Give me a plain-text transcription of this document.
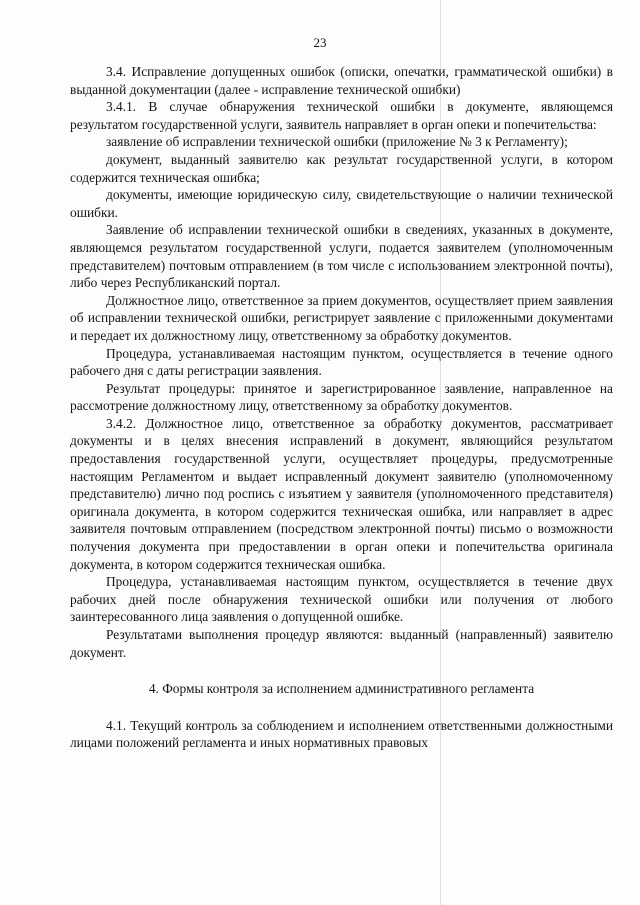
23

3.4. Исправление допущенных ошибок (описки, опечатки, грамматической ошибки) в выданной документации (далее - исправление технической ошибки)

3.4.1. В случае обнаружения технической ошибки в документе, являющемся результатом государственной услуги, заявитель направляет в орган опеки и попечительства:

заявление об исправлении технической ошибки (приложение № 3 к Регламенту);

документ, выданный заявителю как результат государственной услуги, в котором содержится техническая ошибка;

документы, имеющие юридическую силу, свидетельствующие о наличии технической ошибки.

Заявление об исправлении технической ошибки в сведениях, указанных в документе, являющемся результатом государственной услуги, подается заявителем (уполномоченным представителем) почтовым отправлением (в том числе с использованием электронной почты), либо через Республиканский портал.

Должностное лицо, ответственное за прием документов, осуществляет прием заявления об исправлении технической ошибки, регистрирует заявление с приложенными документами и передает их должностному лицу, ответственному за обработку документов.

Процедура, устанавливаемая настоящим пунктом, осуществляется в течение одного рабочего дня с даты регистрации заявления.

Результат процедуры: принятое и зарегистрированное заявление, направленное на рассмотрение должностному лицу, ответственному за обработку документов.

3.4.2. Должностное лицо, ответственное за обработку документов, рассматривает документы и в целях внесения исправлений в документ, являющийся результатом предоставления государственной услуги, осуществляет процедуры, предусмотренные настоящим Регламентом и выдает исправленный документ заявителю (уполномоченному представителю) лично под роспись с изъятием у заявителя (уполномоченного представителя) оригинала документа, в котором содержится техническая ошибка, или направляет в адрес заявителя почтовым отправлением (посредством электронной почты) письмо о возможности получения документа при предоставлении в орган опеки и попечительства оригинала документа, в котором содержится техническая ошибка.

Процедура, устанавливаемая настоящим пунктом, осуществляется в течение двух рабочих дней после обнаружения технической ошибки или получения от любого заинтересованного лица заявления о допущенной ошибке.

Результатами выполнения процедур являются: выданный (направленный) заявителю документ.

4. Формы контроля за исполнением административного регламента

4.1. Текущий контроль за соблюдением и исполнением ответственными должностными лицами положений регламента и иных нормативных правовых
